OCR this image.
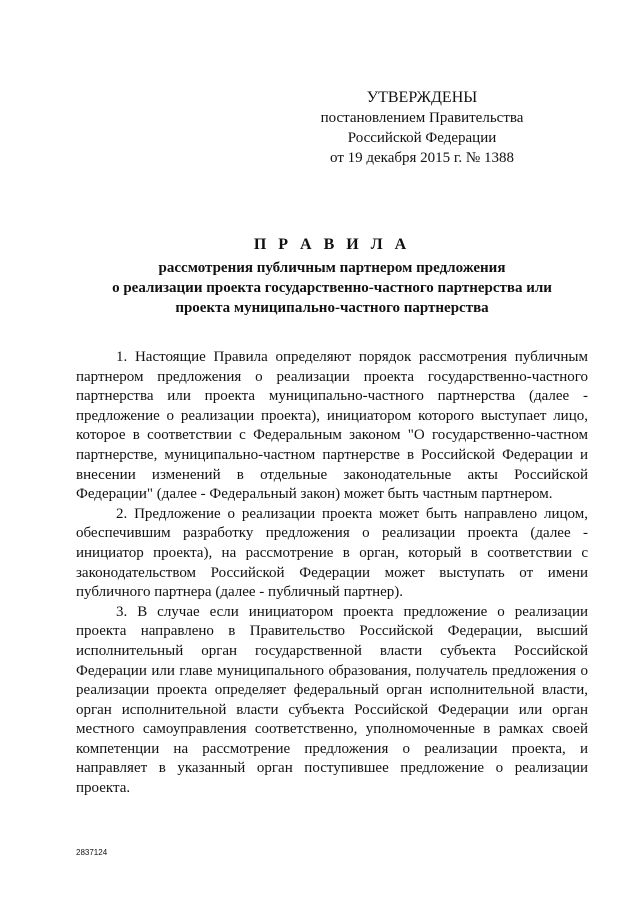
УТВЕРЖДЕНЫ
постановлением Правительства
Российской Федерации
от 19 декабря 2015 г. № 1388
П Р А В И Л А
рассмотрения публичным партнером предложения
о реализации проекта государственно-частного партнерства или
проекта муниципально-частного партнерства

1. Настоящие Правила определяют порядок рассмотрения публичным партнером предложения о реализации проекта государственно-частного партнерства или проекта муниципально-частного партнерства (далее - предложение о реализации проекта), инициатором которого выступает лицо, которое в соответствии с Федеральным законом "О государственно-частном партнерстве, муниципально-частном партнерстве в Российской Федерации и внесении изменений в отдельные законодательные акты Российской Федерации" (далее - Федеральный закон) может быть частным партнером.

2. Предложение о реализации проекта может быть направлено лицом, обеспечившим разработку предложения о реализации проекта (далее - инициатор проекта), на рассмотрение в орган, который в соответствии с законодательством Российской Федерации может выступать от имени публичного партнера (далее - публичный партнер).

3. В случае если инициатором проекта предложение о реализации проекта направлено в Правительство Российской Федерации, высший исполнительный орган государственной власти субъекта Российской Федерации или главе муниципального образования, получатель предложения о реализации проекта определяет федеральный орган исполнительной власти, орган исполнительной власти субъекта Российской Федерации или орган местного самоуправления соответственно, уполномоченные в рамках своей компетенции на рассмотрение предложения о реализации проекта, и направляет в указанный орган поступившее предложение о реализации проекта.

2837124
